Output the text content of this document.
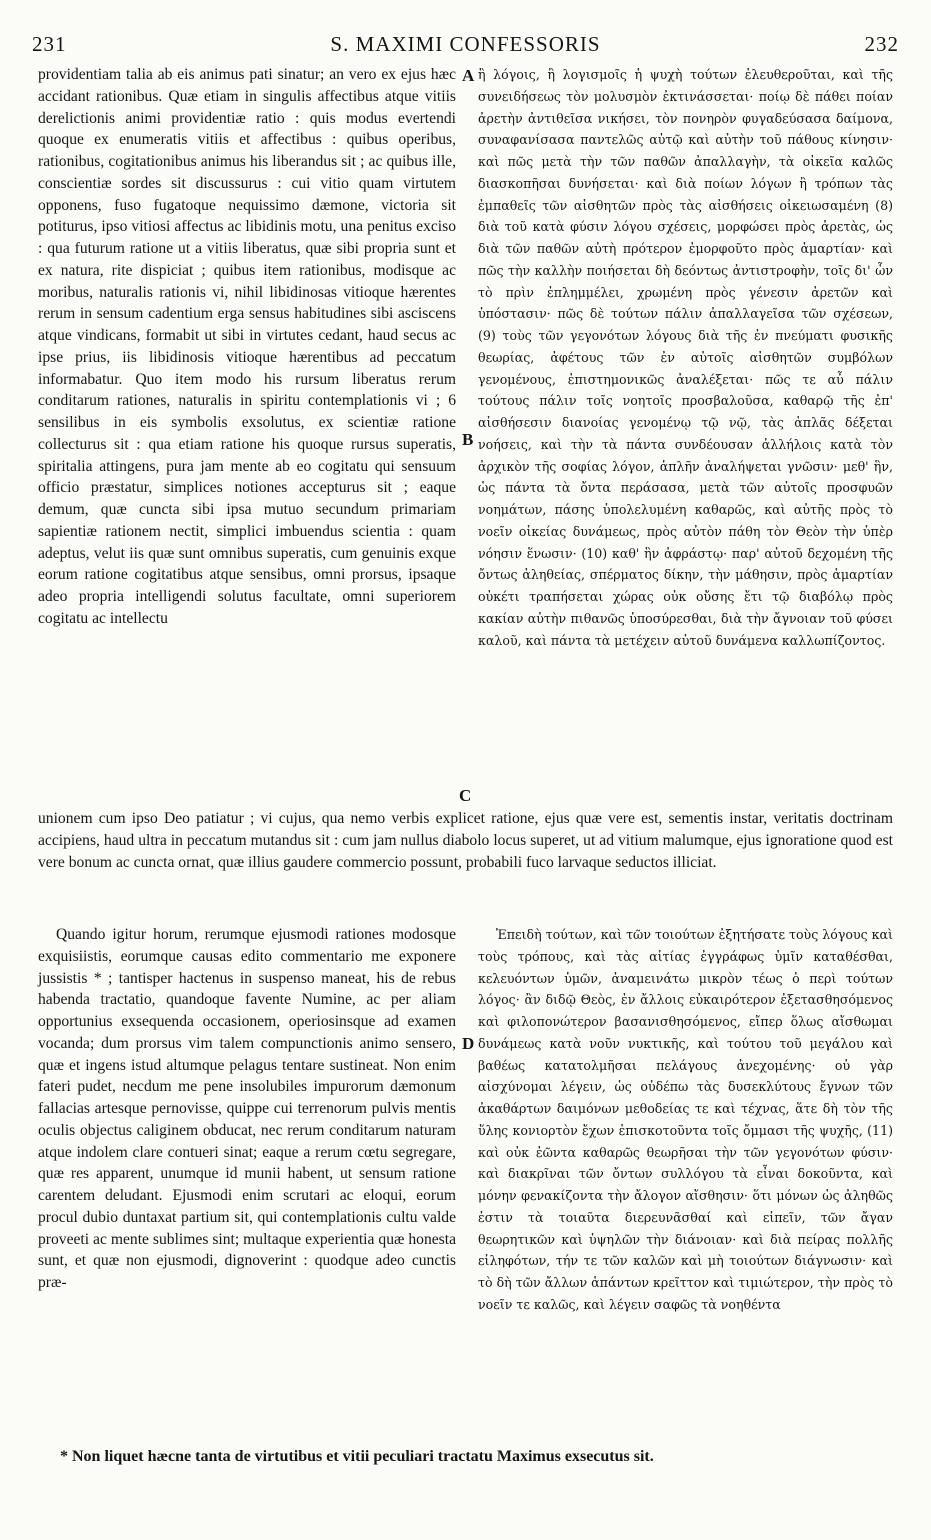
231	S. MAXIMI CONFESSORIS	232

providentiam talia ab eis animus pati sinatur; an vero ex ejus hæc accidant rationibus. Quæ etiam in singulis affectibus atque vitiis derelictionis animi providentiæ ratio : quis modus evertendi quoque ex enumeratis vitiis et affectibus : quibus operibus, rationibus, cogitationibus animus his liberandus sit ; ac quibus ille, conscientiæ sordes sit discussurus : cui vitio quam virtutem opponens, fuso fugatoque nequissimo dæmone, victoria sit potiturus, ipso vitiosi affectus ac libidinis motu, una penitus exciso : qua futurum ratione ut a vitiis liberatus, quæ sibi propria sunt et ex natura, rite dispiciat ; quibus item rationibus, modisque ac moribus, naturalis rationis vi, nihil libidinosas vitioque hærentes rerum in sensum cadentium erga sensus habitudines sibi asciscens atque vindicans, formabit ut sibi in virtutes cedant, haud secus ac ipse prius, iis libidinosis vitioque hærentibus ad peccatum informabatur. Quo item modo his rursum liberatus rerum conditarum rationes, naturalis in spiritu contemplationis vi ; 6 sensilibus in eis symbolis exsolutus, ex scientiæ ratione collecturus sit : qua etiam ratione his quoque rursus superatis, spiritalia attingens, pura jam mente ab eo cogitatu qui sensuum officio præstatur, simplices notiones accepturus sit ; eaque demum, quæ cuncta sibi ipsa mutuo secundum primariam sapientiæ rationem nectit, simplici imbuendus scientia : quam adeptus, velut iis quæ sunt omnibus superatis, cum genuinis exque eorum ratione cogitatibus atque sensibus, omni prorsus, ipsaque adeo propria intelligendi solutus facultate, omni superiorem cogitatu ac intellectu

ἢ λόγοις, ἢ λογισμοῖς ἡ ψυχὴ τούτων ἐλευθεροῦται, καὶ τῆς συνειδήσεως τὸν μολυσμὸν ἐκτινάσσεται· ποίῳ δὲ πάθει ποίαν ἀρετὴν ἀντιθεῖσα νικήσει, τὸν πονηρὸν φυγαδεύσασα δαίμονα, συναφανίσασα παντελῶς αὐτῷ καὶ αὐτὴν τοῦ πάθους κίνησιν· καὶ πῶς μετὰ τὴν τῶν παθῶν ἀπαλλαγὴν, τὰ οἰκεῖα καλῶς διασκοπῆσαι δυνήσεται· καὶ διὰ ποίων λόγων ἢ τρόπων τὰς ἐμπαθεῖς τῶν αἰσθητῶν πρὸς τὰς αἰσθήσεις οἰκειωσαμένη (8) διὰ τοῦ κατὰ φύσιν λόγου σχέσεις, μορφώσει πρὸς ἀρετὰς, ὡς διὰ τῶν παθῶν αὐτὴ πρότερον ἐμορφοῦτο πρὸς ἁμαρτίαν· καὶ πῶς τὴν καλλὴν ποιήσεται δὴ δεόντως ἀντιστροφὴν, τοῖς δι' ὧν τὸ πρὶν ἐπλημμέλει, χρωμένη πρὸς γένεσιν ἀρετῶν καὶ ὑπόστασιν· πῶς δὲ τούτων πάλιν ἀπαλλαγεῖσα τῶν σχέσεων, (9) τοὺς τῶν γεγονότων λόγους διὰ τῆς ἐν πνεύματι φυσικῆς θεωρίας, ἀφέτους τῶν ἐν αὐτοῖς αἰσθητῶν συμβόλων γενομένους, ἐπιστημονικῶς ἀναλέξεται· πῶς τε αὖ πάλιν τούτους πάλιν τοῖς νοητοῖς προσβαλοῦσα, καθαρῷ τῆς ἐπ' αἰσθήσεσιν διανοίας γενομένῳ τῷ νῷ, τὰς ἁπλᾶς δέξεται νοήσεις, καὶ τὴν τὰ πάντα συνδέουσαν ἀλλήλοις κατὰ τὸν ἀρχικὸν τῆς σοφίας λόγον, ἁπλῆν ἀναλήψεται γνῶσιν· μεθ' ἣν, ὡς πάντα τὰ ὄντα περάσασα, μετὰ τῶν αὐτοῖς προσφυῶν νοημάτων, πάσης ὑπολελυμένη καθαρῶς, καὶ αὐτῆς πρὸς τὸ νοεῖν οἰκείας δυνάμεως, πρὸς αὐτὸν πάθη τὸν Θεὸν τὴν ὑπὲρ νόησιν ἕνωσιν· (10) καθ' ἣν ἀφράστῳ· παρ' αὐτοῦ δεχομένη τῆς ὄντως ἀληθείας, σπέρματος δίκην, τὴν μάθησιν, πρὸς ἁμαρτίαν οὐκέτι τραπήσεται χώρας οὐκ οὔσης ἔτι τῷ διαβόλῳ πρὸς κακίαν αὐτὴν πιθανῶς ὑποσύρεσθαι, διὰ τὴν ἄγνοιαν τοῦ φύσει καλοῦ, καὶ πάντα τὰ μετέχειν αὐτοῦ δυνάμενα καλλωπίζοντος.

A
B
C
D

unionem cum ipso Deo patiatur ; vi cujus, qua nemo verbis explicet ratione, ejus quæ vere est, sementis instar, veritatis doctrinam accipiens, haud ultra in peccatum mutandus sit : cum jam nullus diabolo locus superet, ut ad vitium malumque, ejus ignoratione quod est vere bonum ac cuncta ornat, quæ illius gaudere commercio possunt, probabili fuco larvaque seductos illiciat.

Quando igitur horum, rerumque ejusmodi rationes modosque exquisiistis, eorumque causas edito commentario me exponere jussistis * ; tantisper hactenus in suspenso maneat, his de rebus habenda tractatio, quandoque favente Numine, ac per aliam opportunius exsequenda occasionem, operiosinsque ad examen vocanda; dum prorsus vim talem compunctionis animo sensero, quæ et ingens istud altumque pelagus tentare sustineat. Non enim fateri pudet, necdum me pene insolubiles impurorum dæmonum fallacias artesque pernovisse, quippe cui terrenorum pulvis mentis oculis objectus caliginem obducat, nec rerum conditarum naturam atque indolem clare contueri sinat; eaque a rerum cœtu segregare, quæ res apparent, unumque id munii habent, ut sensum ratione carentem deludant. Ejusmodi enim scrutari ac eloqui, eorum procul dubio duntaxat partium sit, qui contemplationis cultu valde proveeti ac mente sublimes sint; multaque experientia quæ honesta sunt, et quæ non ejusmodi, dignoverint : quodque adeo cunctis præ-

Ἐπειδὴ τούτων, καὶ τῶν τοιούτων ἐξητήσατε τοὺς λόγους καὶ τοὺς τρόπους, καὶ τὰς αἰτίας ἐγγράφως ὑμῖν καταθέσθαι, κελευόντων ὑμῶν, ἀναμεινάτω μικρὸν τέως ὁ περὶ τούτων λόγος· ἂν διδῷ Θεὸς, ἐν ἄλλοις εὐκαιρότερον ἐξετασθησόμενος καὶ φιλοπονώτερον βασανισθησόμενος, εἴπερ ὅλως αἴσθωμαι δυνάμεως κατὰ νοῦν νυκτικῆς, καὶ τούτου τοῦ μεγάλου καὶ βαθέως κατατολμῆσαι πελάγους ἀνεχομένης· οὐ γὰρ αἰσχύνομαι λέγειν, ὡς οὐδέπω τὰς δυσεκλύτους ἔγνων τῶν ἀκαθάρτων δαιμόνων μεθοδείας τε καὶ τέχνας, ἅτε δὴ τὸν τῆς ὕλης κονιορτὸν ἔχων ἐπισκοτοῦντα τοῖς ὄμμασι τῆς ψυχῆς, (11) καὶ οὐκ ἐῶντα καθαρῶς θεωρῆσαι τὴν τῶν γεγονότων φύσιν· καὶ διακρῖναι τῶν ὄντων συλλόγου τὰ εἶναι δοκοῦντα, καὶ μόνην φενακίζοντα τὴν ἄλογον αἴσθησιν· ὅτι μόνων ὡς ἀληθῶς ἐστιν τὰ τοιαῦτα διερευνᾶσθαί καὶ εἰπεῖν, τῶν ἄγαν θεωρητικῶν καὶ ὑψηλῶν τὴν διάνοιαν· καὶ διὰ πείρας πολλῆς εἰληφότων, τήν τε τῶν καλῶν καὶ μὴ τοιούτων διάγνωσιν· καὶ τὸ δὴ τῶν ἄλλων ἁπάντων κρεῖττον καὶ τιμιώτερον, τὴν πρὸς τὸ νοεῖν τε καλῶς, καὶ λέγειν σαφῶς τὰ νοηθέντα

* Non liquet hæcne tanta de virtutibus et vitii peculiari tractatu Maximus exsecutus sit.
